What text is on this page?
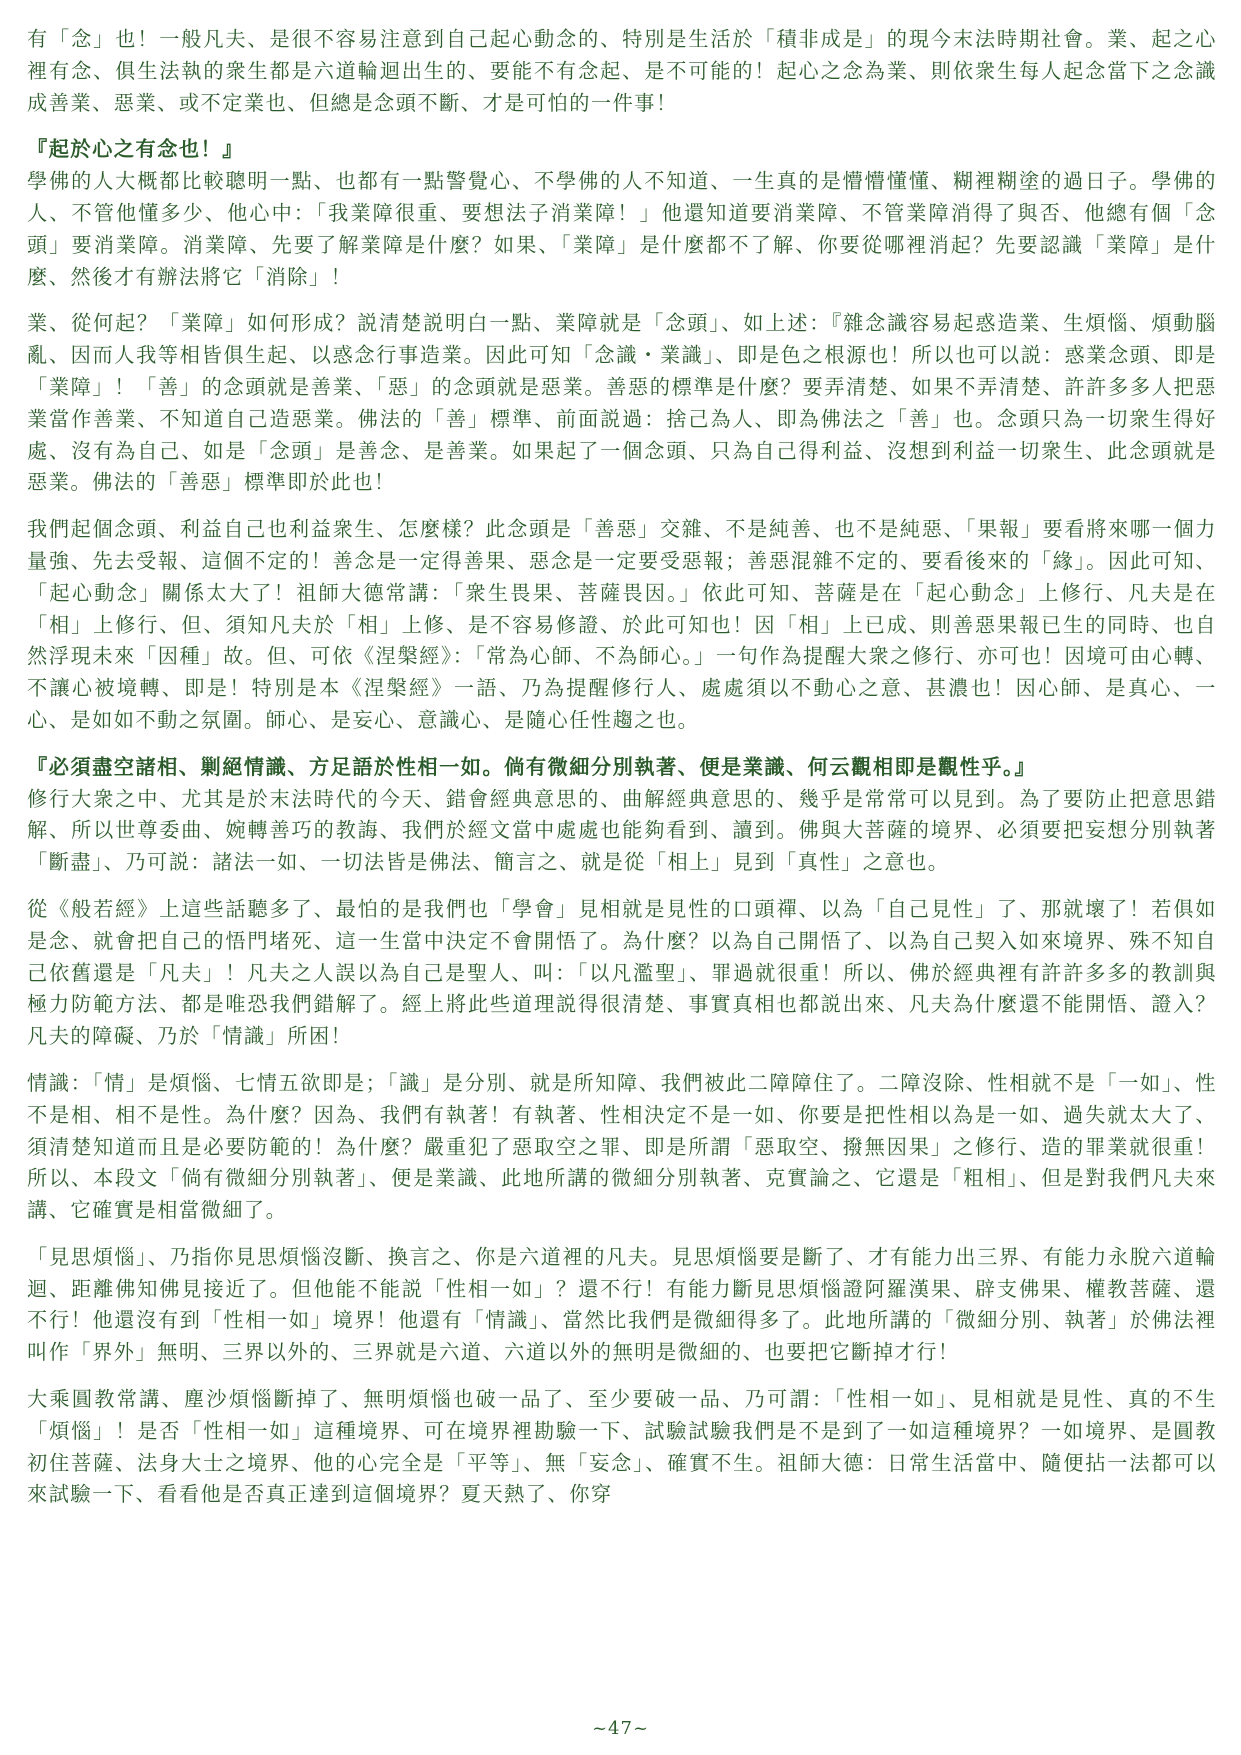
有「念」也！一般凡夫、是很不容易注意到自己起心動念的、特別是生活於「積非成是」的現今末法時期社會。業、起之心裡有念、俱生法執的衆生都是六道輪迴出生的、要能不有念起、是不可能的！起心之念為業、則依衆生每人起念當下之念識成善業、惡業、或不定業也、但總是念頭不斷、才是可怕的一件事！

『起於心之有念也！』

學佛的人大概都比較聰明一點、也都有一點警覺心、不學佛的人不知道、一生真的是懵懵懂懂、糊裡糊塗的過日子。學佛的人、不管他懂多少、他心中：「我業障很重、要想法子消業障！」他還知道要消業障、不管業障消得了與否、他總有個「念頭」要消業障。消業障、先要了解業障是什麼？如果、「業障」是什麼都不了解、你要從哪裡消起？先要認識「業障」是什麼、然後才有辦法將它「消除」！

業、從何起？「業障」如何形成？説清楚説明白一點、業障就是「念頭」、如上述：『雜念識容易起惑造業、生煩惱、煩動腦亂、因而人我等相皆俱生起、以惑念行事造業。因此可知「念識・業識」、即是色之根源也！所以也可以説：惑業念頭、即是「業障」！「善」的念頭就是善業、「惡」的念頭就是惡業。善惡的標準是什麼？要弄清楚、如果不弄清楚、許許多多人把惡業當作善業、不知道自己造惡業。佛法的「善」標準、前面説過：捨己為人、即為佛法之「善」也。念頭只為一切衆生得好處、沒有為自己、如是「念頭」是善念、是善業。如果起了一個念頭、只為自己得利益、沒想到利益一切衆生、此念頭就是惡業。佛法的「善惡」標準即於此也！

我們起個念頭、利益自己也利益衆生、怎麼樣？此念頭是「善惡」交雜、不是純善、也不是純惡、「果報」要看將來哪一個力量強、先去受報、這個不定的！善念是一定得善果、惡念是一定要受惡報；善惡混雜不定的、要看後來的「緣」。因此可知、「起心動念」關係太大了！祖師大德常講：「衆生畏果、菩薩畏因。」依此可知、菩薩是在「起心動念」上修行、凡夫是在「相」上修行、但、須知凡夫於「相」上修、是不容易修證、於此可知也！因「相」上已成、則善惡果報已生的同時、也自然浮現未來「因種」故。但、可依《涅槃經》：「常為心師、不為師心。」一句作為提醒大衆之修行、亦可也！因境可由心轉、不讓心被境轉、即是！特別是本《涅槃經》一語、乃為提醒修行人、處處須以不動心之意、甚濃也！因心師、是真心、一心、是如如不動之氛圍。師心、是妄心、意識心、是隨心任性趨之也。

『必須盡空諸相、剿絕情識、方足語於性相一如。倘有微細分別執著、便是業識、何云觀相即是觀性乎。』

修行大衆之中、尤其是於末法時代的今天、錯會經典意思的、曲解經典意思的、幾乎是常常可以見到。為了要防止把意思錯解、所以世尊委曲、婉轉善巧的教誨、我們於經文當中處處也能夠看到、讀到。佛與大菩薩的境界、必須要把妄想分別執著「斷盡」、乃可説：諸法一如、一切法皆是佛法、簡言之、就是從「相上」見到「真性」之意也。

從《般若經》上這些話聽多了、最怕的是我們也「學會」見相就是見性的口頭禪、以為「自己見性」了、那就壞了！若俱如是念、就會把自己的悟門堵死、這一生當中決定不會開悟了。為什麼？以為自己開悟了、以為自己契入如來境界、殊不知自己依舊還是「凡夫」！凡夫之人誤以為自己是聖人、叫：「以凡濫聖」、罪過就很重！所以、佛於經典裡有許許多多的教訓與極力防範方法、都是唯恐我們錯解了。經上將此些道理説得很清楚、事實真相也都説出來、凡夫為什麼還不能開悟、證入？凡夫的障礙、乃於「情識」所困！

情識：「情」是煩惱、七情五欲即是；「識」是分別、就是所知障、我們被此二障障住了。二障沒除、性相就不是「一如」、性不是相、相不是性。為什麼？因為、我們有執著！有執著、性相決定不是一如、你要是把性相以為是一如、過失就太大了、須清楚知道而且是必要防範的！為什麼？嚴重犯了惡取空之罪、即是所謂「惡取空、撥無因果」之修行、造的罪業就很重！所以、本段文「倘有微細分別執著」、便是業識、此地所講的微細分別執著、克實論之、它還是「粗相」、但是對我們凡夫來講、它確實是相當微細了。

「見思煩惱」、乃指你見思煩惱沒斷、換言之、你是六道裡的凡夫。見思煩惱要是斷了、才有能力出三界、有能力永脫六道輪迴、距離佛知佛見接近了。但他能不能説「性相一如」？還不行！有能力斷見思煩惱證阿羅漢果、辟支佛果、權教菩薩、還不行！他還沒有到「性相一如」境界！他還有「情識」、當然比我們是微細得多了。此地所講的「微細分別、執著」於佛法裡叫作「界外」無明、三界以外的、三界就是六道、六道以外的無明是微細的、也要把它斷掉才行！

大乘圓教常講、塵沙煩惱斷掉了、無明煩惱也破一品了、至少要破一品、乃可謂：「性相一如」、見相就是見性、真的不生「煩惱」！是否「性相一如」這種境界、可在境界裡勘驗一下、試驗試驗我們是不是到了一如這種境界？一如境界、是圓教初住菩薩、法身大士之境界、他的心完全是「平等」、無「妄念」、確實不生。祖師大德：日常生活當中、隨便拈一法都可以來試驗一下、看看他是否真正達到這個境界？夏天熱了、你穿

~47~
